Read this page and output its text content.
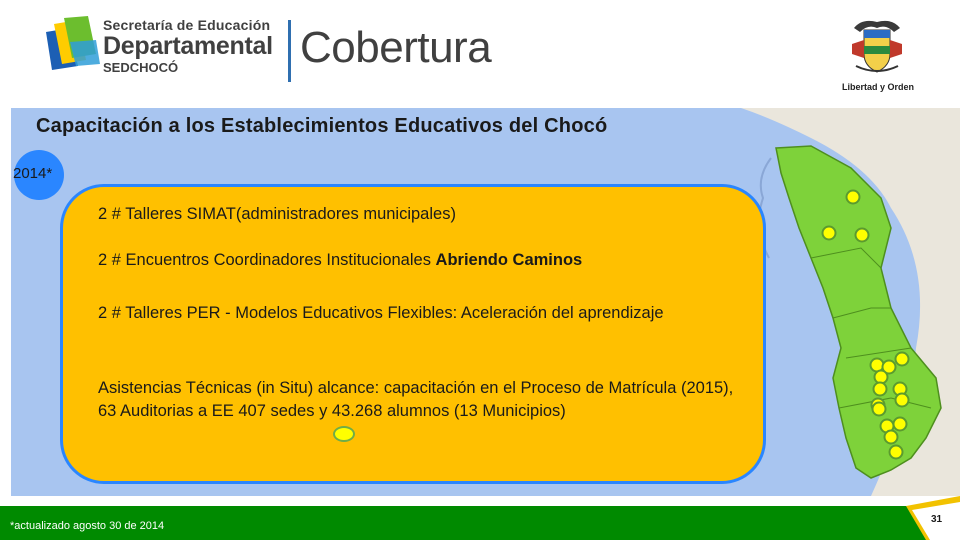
Secretaría de Educación
Departamental
SEDCHOCÓ	Cobertura
Libertad y Orden
Capacitación a los Establecimientos Educativos del Chocó
2014*
2 # Talleres SIMAT(administradores municipales)
2 # Encuentros Coordinadores Institucionales Abriendo Caminos
2 # Talleres PER - Modelos Educativos Flexibles: Aceleración del aprendizaje
Asistencias Técnicas (in Situ) alcance: capacitación en el Proceso de Matrícula (2015), 63 Auditorias a EE 407 sedes y 43.268 alumnos (13 Municipios)
*actualizado agosto 30 de 2014
31
